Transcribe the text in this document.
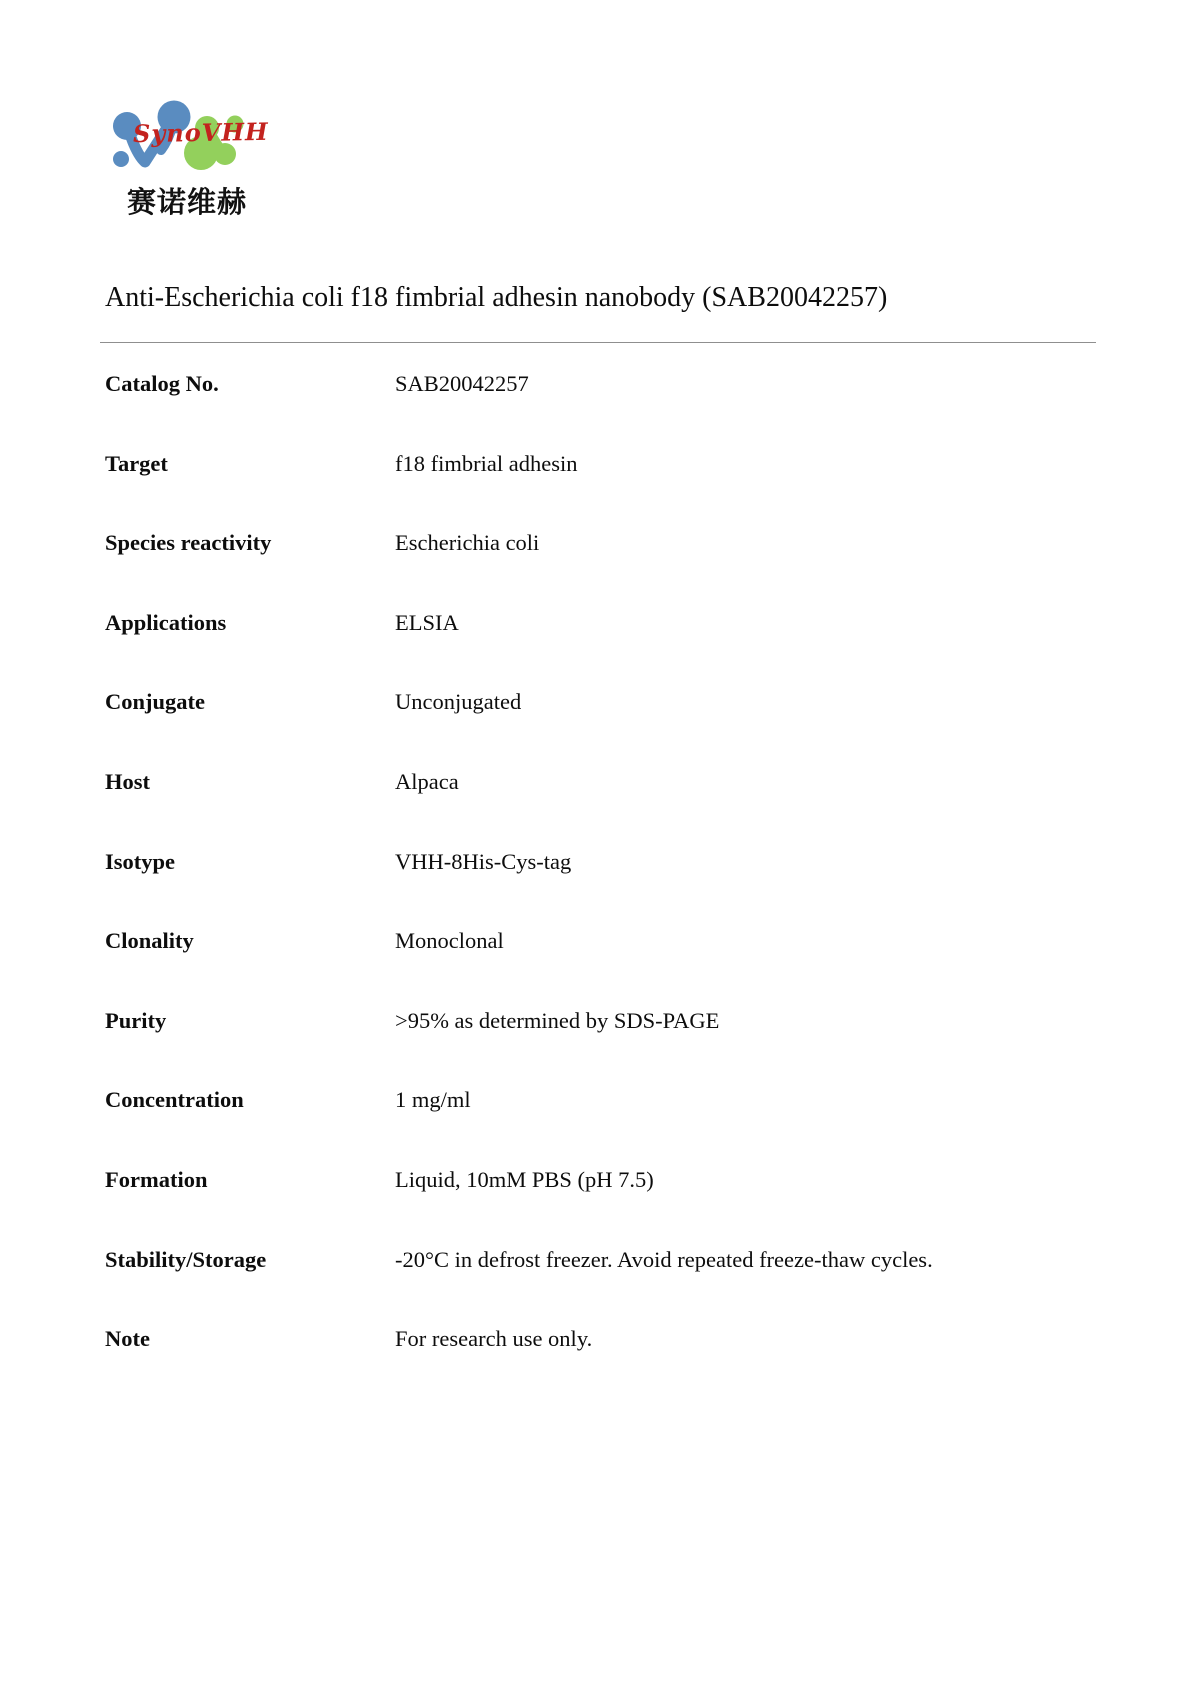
SynoVHH
赛诺维赫
Anti-Escherichia coli f18 fimbrial adhesin nanobody (SAB20042257)
Catalog No.	SAB20042257
Target	f18 fimbrial adhesin
Species reactivity	Escherichia coli
Applications	ELSIA
Conjugate	Unconjugated
Host	Alpaca
Isotype	VHH-8His-Cys-tag
Clonality	Monoclonal
Purity	>95% as determined by SDS-PAGE
Concentration	1 mg/ml
Formation	Liquid, 10mM PBS (pH 7.5)
Stability/Storage	-20°C in defrost freezer. Avoid repeated freeze-thaw cycles.
Note	For research use only.
